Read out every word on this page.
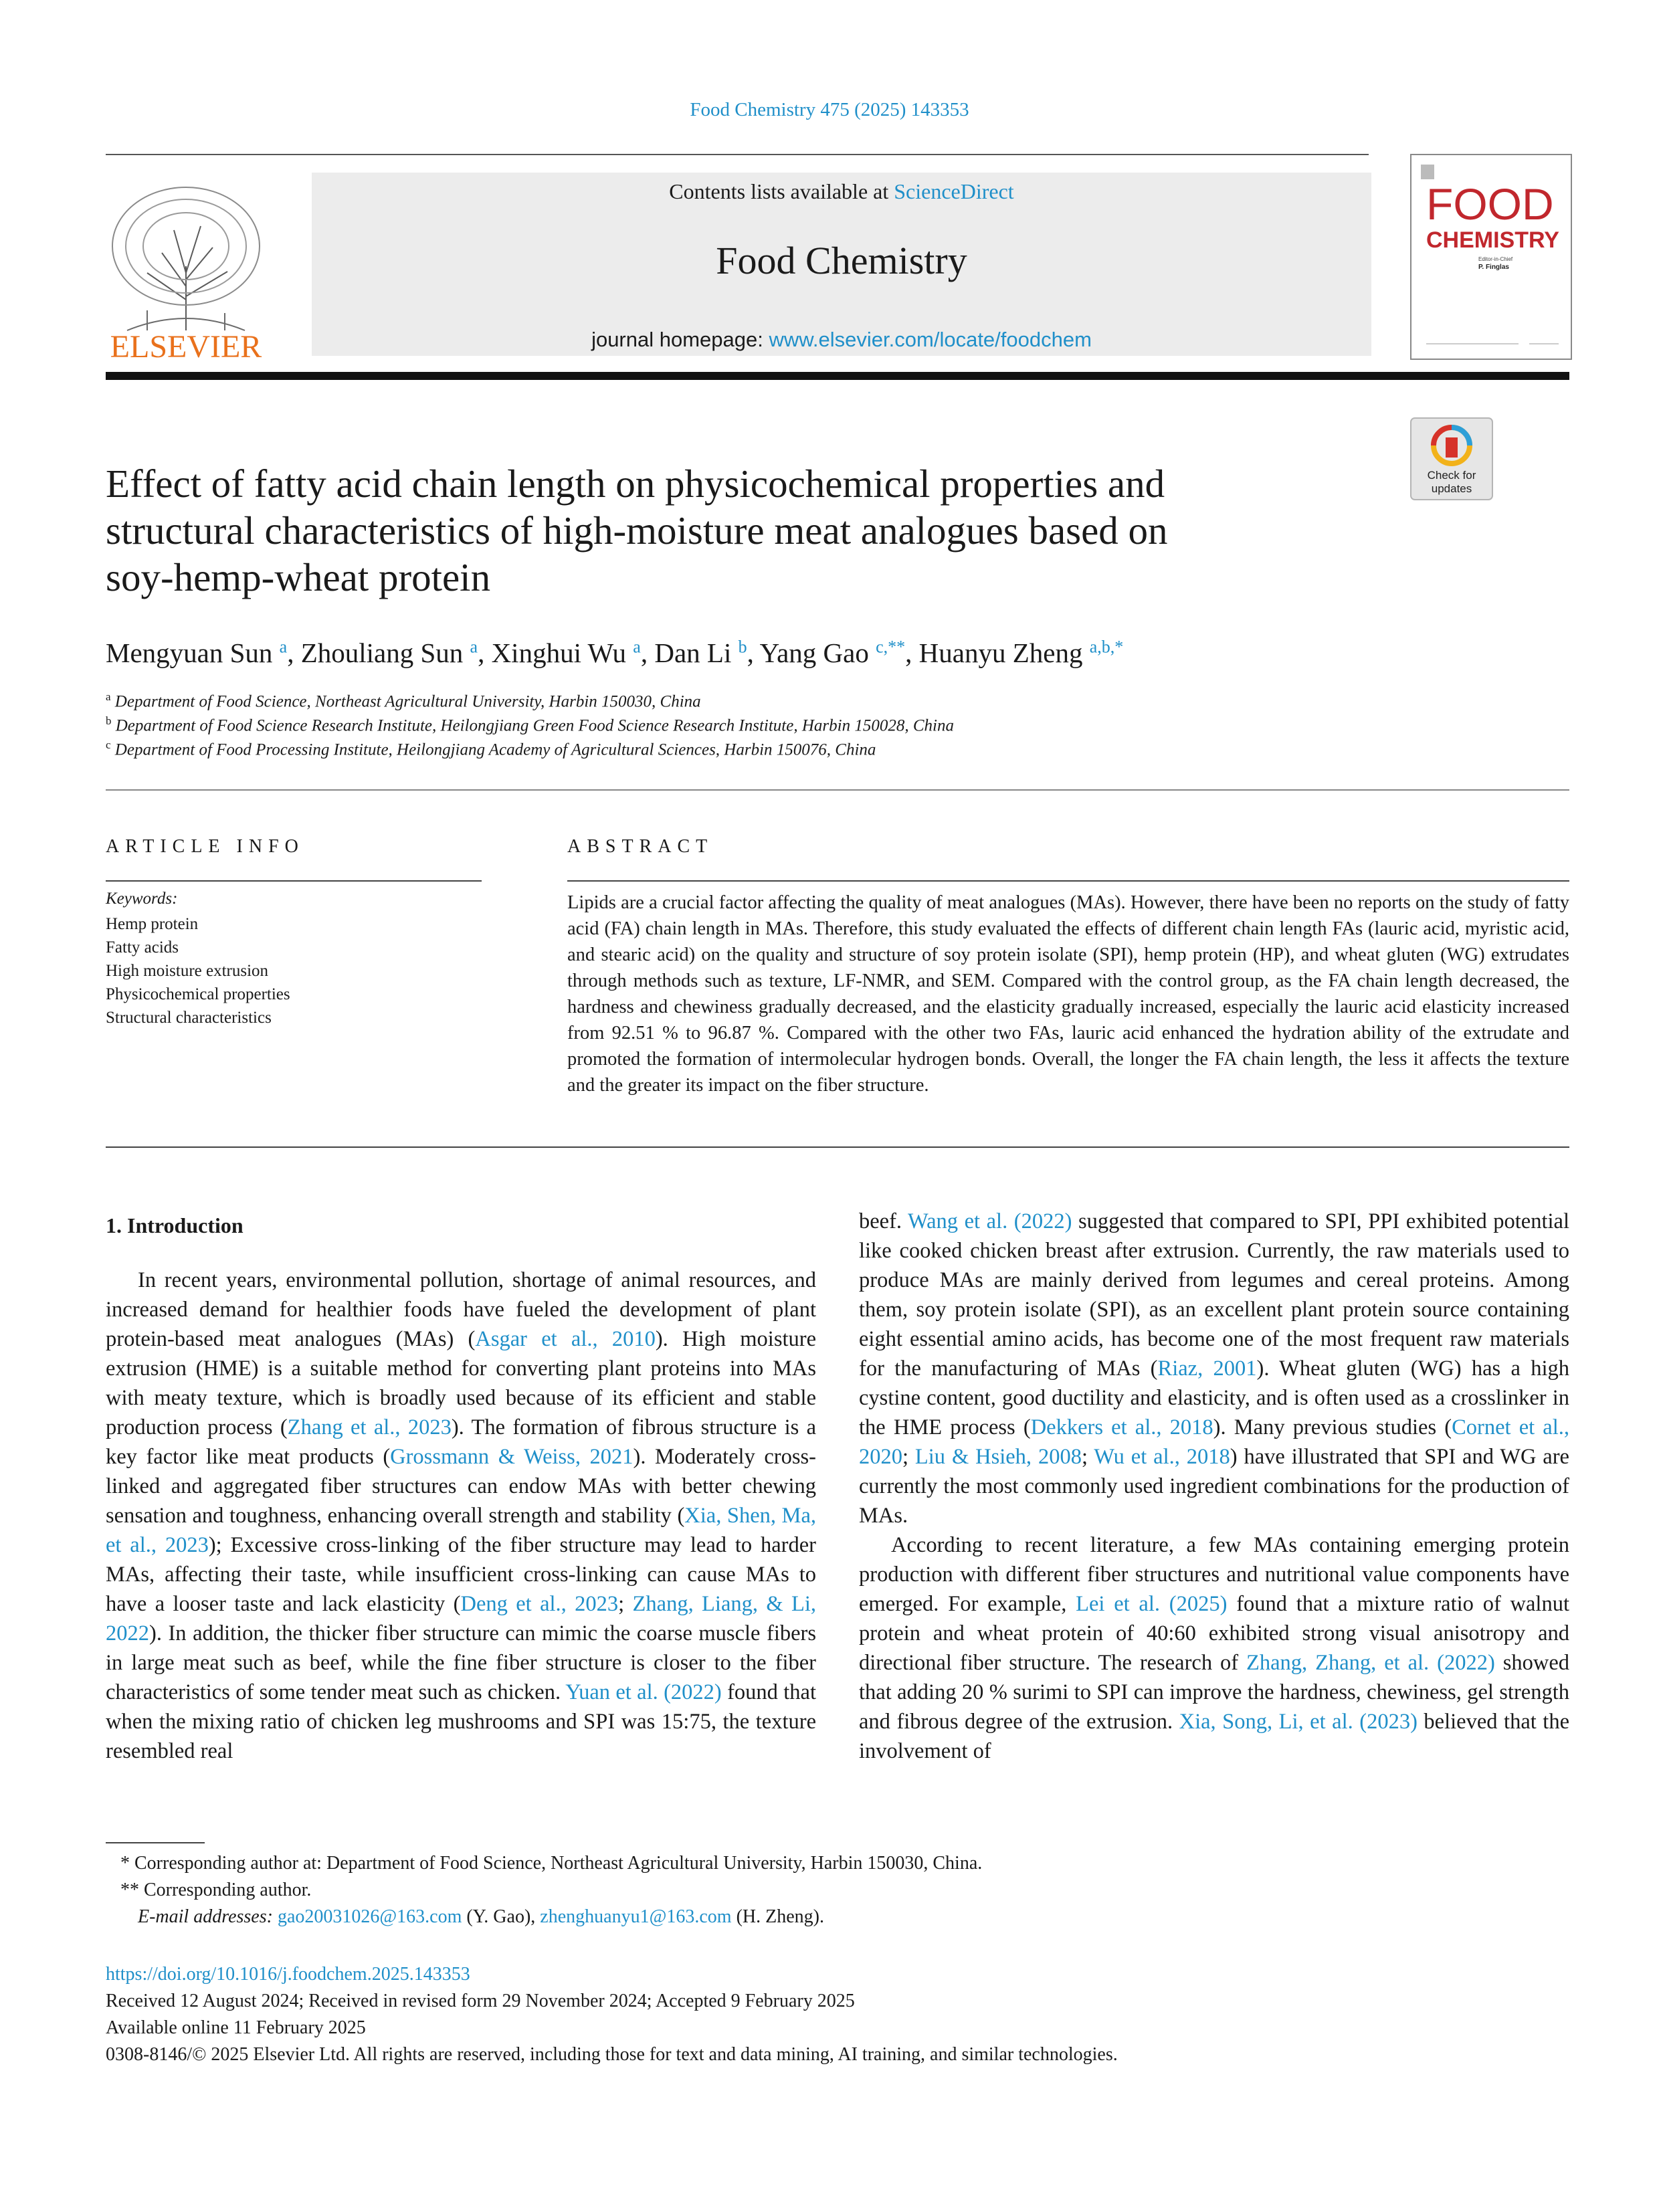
Food Chemistry 475 (2025) 143353
ELSEVIER
Contents lists available at ScienceDirect
Food Chemistry
journal homepage: www.elsevier.com/locate/foodchem
FOOD
CHEMISTRY
Editor-in-Chief
P. Finglas
Check for
updates
Effect of fatty acid chain length on physicochemical properties and
structural characteristics of high-moisture meat analogues based on
soy-hemp-wheat protein
Mengyuan Sun $^a$, Zhouliang Sun $^a$, Xinghui Wu $^a$, Dan Li $^b$, Yang Gao $^{c,**}$, Huanyu Zheng $^{a,b,*}$
$^a$ Department of Food Science, Northeast Agricultural University, Harbin 150030, China
$^b$ Department of Food Science Research Institute, Heilongjiang Green Food Science Research Institute, Harbin 150028, China
$^c$ Department of Food Processing Institute, Heilongjiang Academy of Agricultural Sciences, Harbin 150076, China
ARTICLE INFO	ABSTRACT
Keywords:
Hemp protein
Fatty acids
High moisture extrusion
Physicochemical properties
Structural characteristics
Lipids are a crucial factor affecting the quality of meat analogues (MAs). However, there have been no reports on the study of fatty acid (FA) chain length in MAs. Therefore, this study evaluated the effects of different chain length FAs (lauric acid, myristic acid, and stearic acid) on the quality and structure of soy protein isolate (SPI), hemp protein (HP), and wheat gluten (WG) extrudates through methods such as texture, LF-NMR, and SEM. Compared with the control group, as the FA chain length decreased, the hardness and chewiness gradually decreased, and the elasticity gradually increased, especially the lauric acid elasticity increased from 92.51 % to 96.87 %. Compared with the other two FAs, lauric acid enhanced the hydration ability of the extrudate and promoted the formation of intermolecular hydrogen bonds. Overall, the longer the FA chain length, the less it affects the texture and the greater its impact on the fiber structure.
1. Introduction

In recent years, environmental pollution, shortage of animal resources, and increased demand for healthier foods have fueled the development of plant protein-based meat analogues (MAs) (Asgar et al., 2010). High moisture extrusion (HME) is a suitable method for converting plant proteins into MAs with meaty texture, which is broadly used because of its efficient and stable production process (Zhang et al., 2023). The formation of fibrous structure is a key factor like meat products (Grossmann & Weiss, 2021). Moderately cross-linked and aggregated fiber structures can endow MAs with better chewing sensation and toughness, enhancing overall strength and stability (Xia, Shen, Ma, et al., 2023); Excessive cross-linking of the fiber structure may lead to harder MAs, affecting their taste, while insufficient cross-linking can cause MAs to have a looser taste and lack elasticity (Deng et al., 2023; Zhang, Liang, & Li, 2022). In addition, the thicker fiber structure can mimic the coarse muscle fibers in large meat such as beef, while the fine fiber structure is closer to the fiber characteristics of some tender meat such as chicken. Yuan et al. (2022) found that when the mixing ratio of chicken leg mushrooms and SPI was 15:75, the texture resembled real

beef. Wang et al. (2022) suggested that compared to SPI, PPI exhibited potential like cooked chicken breast after extrusion. Currently, the raw materials used to produce MAs are mainly derived from legumes and cereal proteins. Among them, soy protein isolate (SPI), as an excellent plant protein source containing eight essential amino acids, has become one of the most frequent raw materials for the manufacturing of MAs (Riaz, 2001). Wheat gluten (WG) has a high cystine content, good ductility and elasticity, and is often used as a crosslinker in the HME process (Dekkers et al., 2018). Many previous studies (Cornet et al., 2020; Liu & Hsieh, 2008; Wu et al., 2018) have illustrated that SPI and WG are currently the most commonly used ingredient combinations for the production of MAs.

According to recent literature, a few MAs containing emerging protein production with different fiber structures and nutritional value components have emerged. For example, Lei et al. (2025) found that a mixture ratio of walnut protein and wheat protein of 40:60 exhibited strong visual anisotropy and directional fiber structure. The research of Zhang, Zhang, et al. (2022) showed that adding 20 % surimi to SPI can improve the hardness, chewiness, gel strength and fibrous degree of the extrusion. Xia, Song, Li, et al. (2023) believed that the involvement of

* Corresponding author at: Department of Food Science, Northeast Agricultural University, Harbin 150030, China.
** Corresponding author.
E-mail addresses: gao20031026@163.com (Y. Gao), zhenghuanyu1@163.com (H. Zheng).
https://doi.org/10.1016/j.foodchem.2025.143353
Received 12 August 2024; Received in revised form 29 November 2024; Accepted 9 February 2025
Available online 11 February 2025
0308-8146/© 2025 Elsevier Ltd. All rights are reserved, including those for text and data mining, AI training, and similar technologies.
